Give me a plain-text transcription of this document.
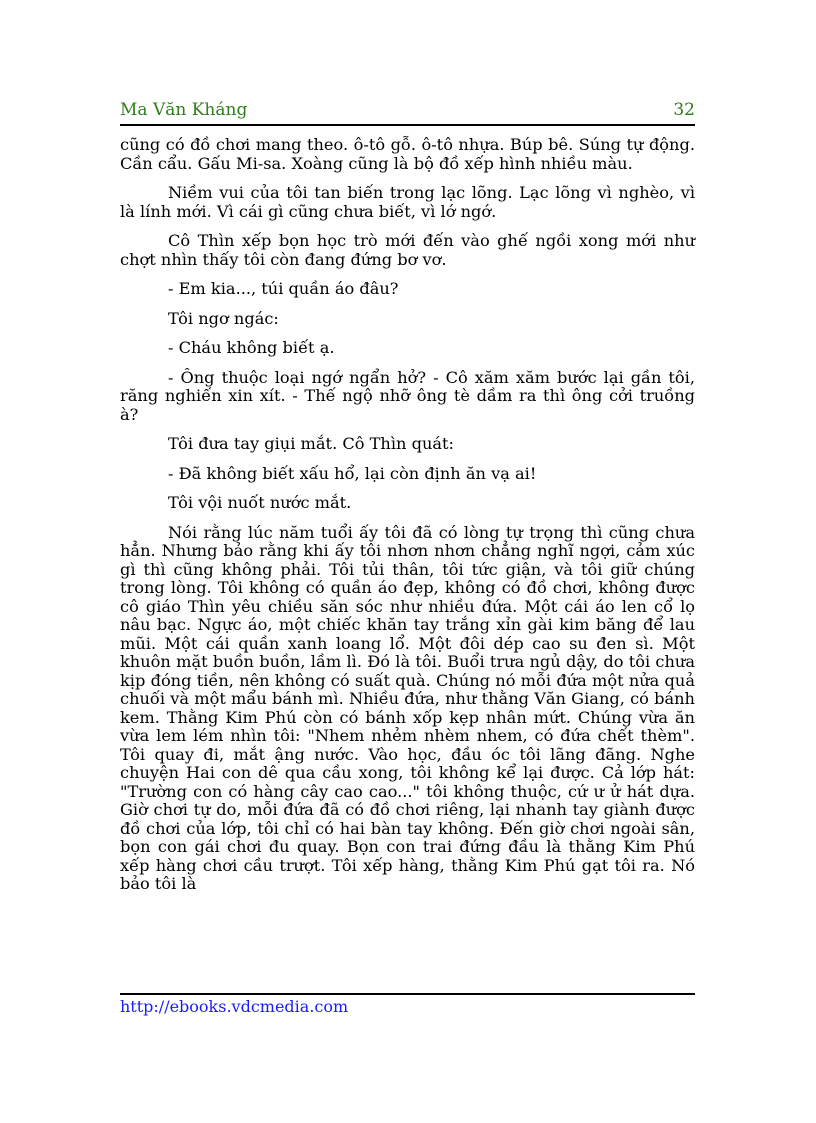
Ma Văn Kháng	32

cũng có đồ chơi mang theo. ô-tô gỗ. ô-tô nhựa. Búp bê. Súng tự động. Cần cẩu. Gấu Mi-sa. Xoàng cũng là bộ đồ xếp hình nhiều màu.

Niềm vui của tôi tan biến trong lạc lõng. Lạc lõng vì nghèo, vì là lính mới. Vì cái gì cũng chưa biết, vì lớ ngớ.

Cô Thìn xếp bọn học trò mới đến vào ghế ngồi xong mới như chợt nhìn thấy tôi còn đang đứng bơ vơ.

- Em kia..., túi quần áo đâu?

Tôi ngơ ngác:

- Cháu không biết ạ.

- Ông thuộc loại ngớ ngẩn hở? - Cô xăm xăm bước lại gần tôi, răng nghiến xin xít. - Thế ngộ nhỡ ông tè dầm ra thì ông cởi truồng à?

Tôi đưa tay giụi mắt. Cô Thìn quát:

- Đã không biết xấu hổ, lại còn định ăn vạ ai!

Tôi vội nuốt nước mắt.

Nói rằng lúc năm tuổi ấy tôi đã có lòng tự trọng thì cũng chưa hẳn. Nhưng bảo rằng khi ấy tôi nhơn nhơn chẳng nghĩ ngợi, cảm xúc gì thì cũng không phải. Tôi tủi thân, tôi tức giận, và tôi giữ chúng trong lòng. Tôi không có quần áo đẹp, không có đồ chơi, không được cô giáo Thìn yêu chiều săn sóc như nhiều đứa. Một cái áo len cổ lọ nâu bạc. Ngực áo, một chiếc khăn tay trắng xỉn gài kim băng để lau mũi. Một cái quần xanh loang lổ. Một đôi dép cao su đen sì. Một khuôn mặt buồn buồn, lầm lì. Đó là tôi. Buổi trưa ngủ dậy, do tôi chưa kịp đóng tiền, nên không có suất quà. Chúng nó mỗi đứa một nửa quả chuối và một mẩu bánh mì. Nhiều đứa, như thằng Văn Giang, có bánh kem. Thằng Kim Phú còn có bánh xốp kẹp nhân mứt. Chúng vừa ăn vừa lem lém nhìn tôi: "Nhem nhẻm nhèm nhem, có đứa chết thèm". Tôi quay đi, mắt ậng nước. Vào học, đầu óc tôi lãng đãng. Nghe chuyện Hai con dê qua cầu xong, tôi không kể lại được. Cả lớp hát: "Trường con có hàng cây cao cao..." tôi không thuộc, cứ ư ử hát dựa. Giờ chơi tự do, mỗi đứa đã có đồ chơi riêng, lại nhanh tay giành được đồ chơi của lớp, tôi chỉ có hai bàn tay không. Đến giờ chơi ngoài sân, bọn con gái chơi đu quay. Bọn con trai đứng đầu là thằng Kim Phú xếp hàng chơi cầu trượt. Tôi xếp hàng, thằng Kim Phú gạt tôi ra. Nó bảo tôi là

http://ebooks.vdcmedia.com
